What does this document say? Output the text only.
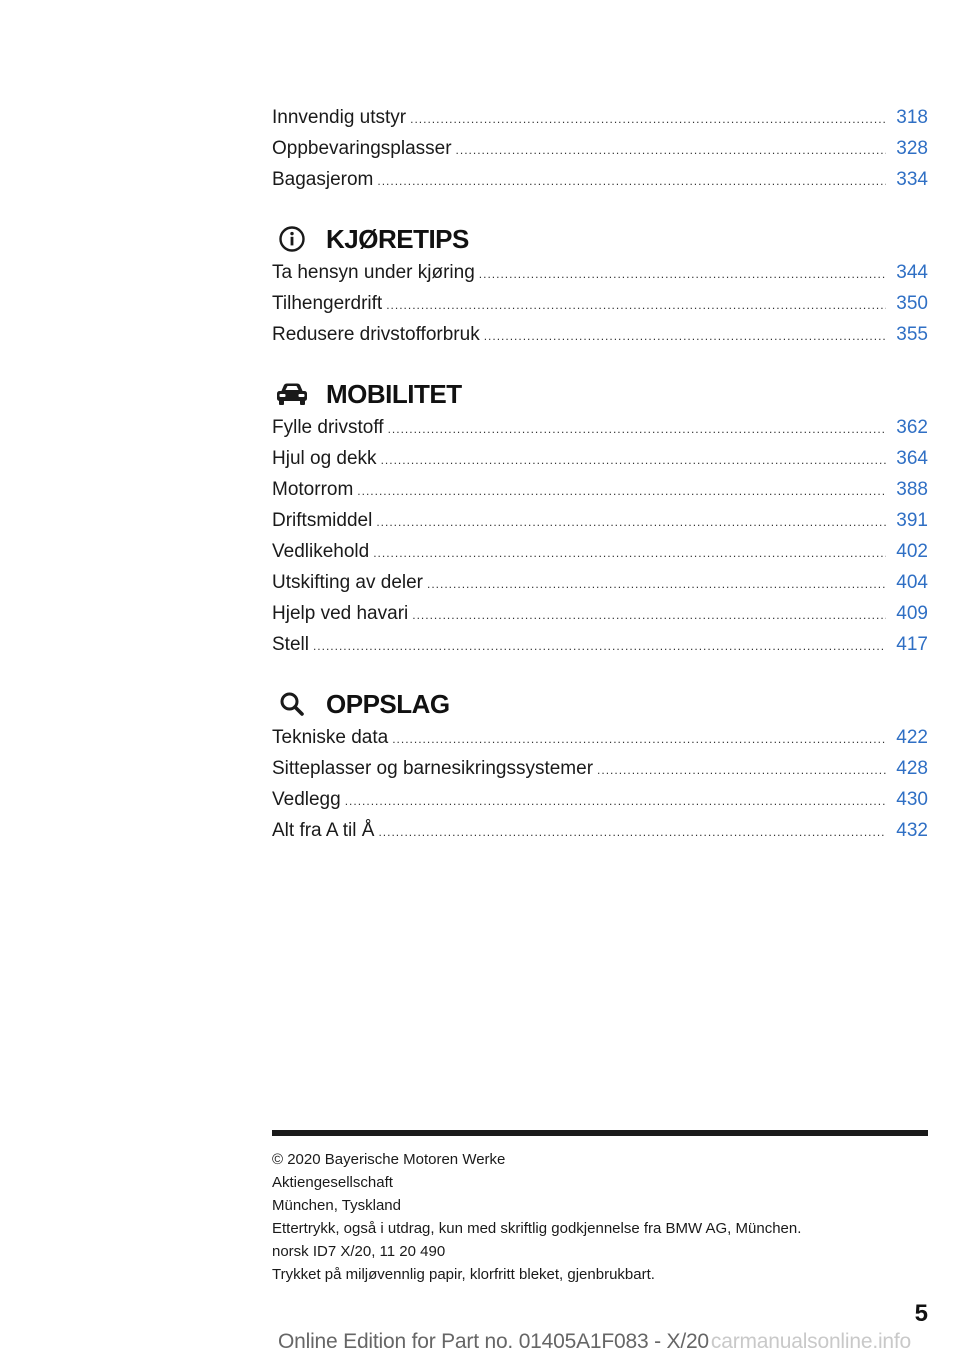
Innvendig utstyr .....	318
Oppbevaringsplasser .....	328
Bagasjerom .....	334
KJØRETIPS
Ta hensyn under kjøring .....	344
Tilhengerdrift .....	350
Redusere drivstofforbruk .....	355
MOBILITET
Fylle drivstoff .....	362
Hjul og dekk .....	364
Motorrom .....	388
Driftsmiddel .....	391
Vedlikehold .....	402
Utskifting av deler .....	404
Hjelp ved havari .....	409
Stell .....	417
OPPSLAG
Tekniske data .....	422
Sitteplasser og barnesikringssystemer .....	428
Vedlegg .....	430
Alt fra A til Å .....	432
© 2020 Bayerische Motoren Werke
Aktiengesellschaft
München, Tyskland
Ettertrykk, også i utdrag, kun med skriftlig godkjennelse fra BMW AG, München.
norsk ID7 X/20, 11 20 490
Trykket på miljøvennlig papir, klorfritt bleket, gjenbrukbart.
5
Online Edition for Part no. 01405A1F083 - X/20carmanualsonline.info
